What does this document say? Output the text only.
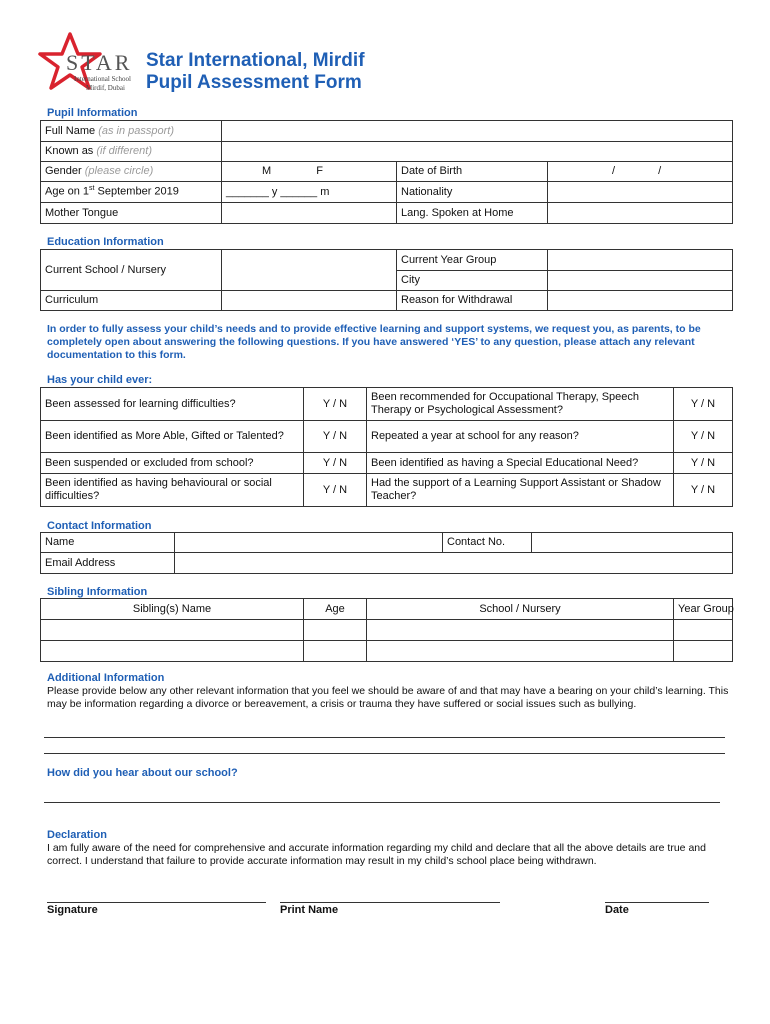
STAR
International School
Mirdif, Dubai
Star International, Mirdif
Pupil Assessment Form
Pupil Information
Full Name (as in passport)			
Known as (if different)			
Gender (please circle)	M F	Date of Birth	/ /
Age on 1st September 2019	_______ y ______ m	Nationality	
Mother Tongue		Lang. Spoken at Home	
Education Information
Current School / Nursery		Current Year Group	
		City	
Curriculum		Reason for Withdrawal	
In order to fully assess your child’s needs and to provide effective learning and support systems, we request you, as parents, to be completely open about answering the following questions. If you have answered ‘YES’ to any question, please attach any relevant documentation to this form.
Has your child ever:
Been assessed for learning difficulties?	Y / N	Been recommended for Occupational Therapy, Speech Therapy or Psychological Assessment?	Y / N
Been identified as More Able, Gifted or Talented?	Y / N	Repeated a year at school for any reason?	Y / N
Been suspended or excluded from school?	Y / N	Been identified as having a Special Educational Need?	Y / N
Been identified as having behavioural or social difficulties?	Y / N	Had the support of a Learning Support Assistant or Shadow Teacher?	Y / N
Contact Information
Name		Contact No.	
Email Address			
Sibling Information
Sibling(s) Name	Age	School / Nursery	Year Group

Additional Information
Please provide below any other relevant information that you feel we should be aware of and that may have a bearing on your child’s learning. This may be information regarding a divorce or bereavement, a crisis or trauma they have suffered or social issues such as bullying.
How did you hear about our school?
Declaration
I am fully aware of the need for comprehensive and accurate information regarding my child and declare that all the above details are true and correct. I understand that failure to provide accurate information may result in my child’s school place being withdrawn.
Signature	Print Name	Date
